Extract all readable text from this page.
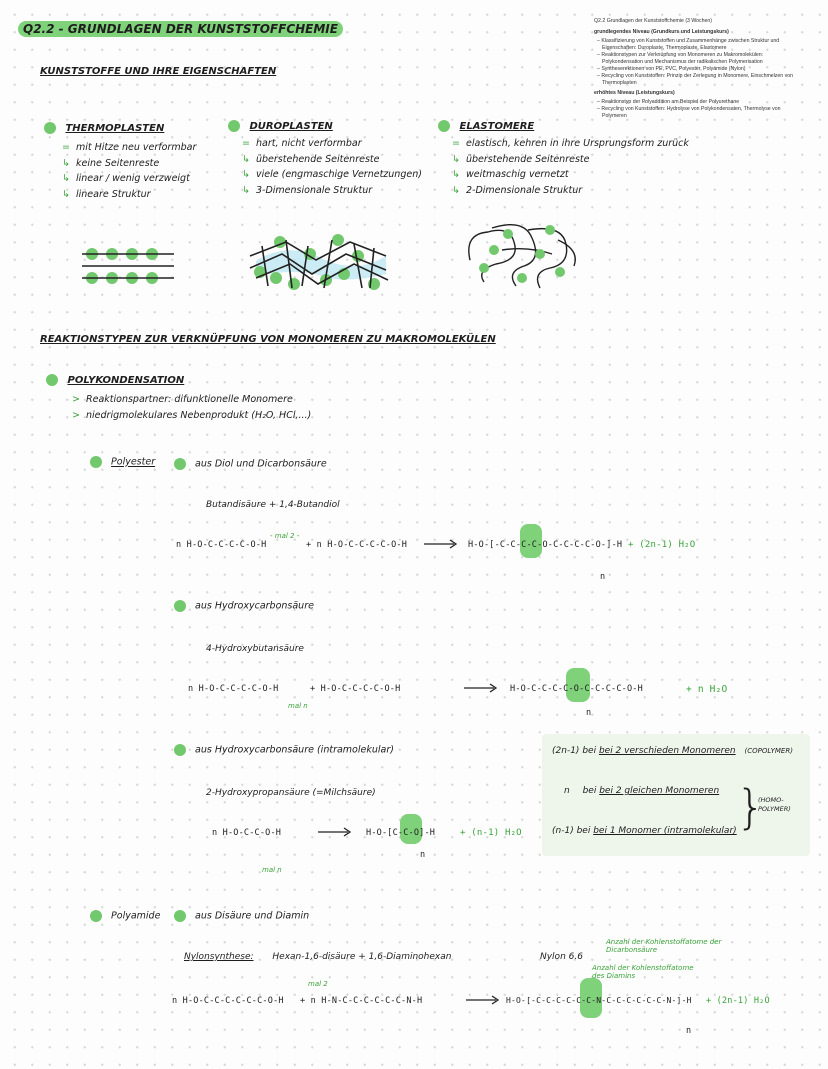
Q2.2 - GRUNDLAGEN DER KUNSTSTOFFCHEMIE
Q2.2 Grundlagen der Kunststoffchemie (3 Wochen)
grundlegendes Niveau (Grundkurs und Leistungskurs)
– Klassifizierung von Kunststoffen und Zusammenhänge zwischen Struktur und Eigenschaften: Duroplaste, Thermoplaste, Elastomere
– Reaktionstypen zur Verknüpfung von Monomeren zu Makromolekülen: Polykondensation und Mechanismus der radikalischen Polymerisation
– Syntheserektionen von PE, PVC, Polyester, Polyamide (Nylon)
– Recycling von Kunststoffen: Prinzip der Zerlegung in Monomere, Einschmelzen von Thermoplasten
erhöhtes Niveau (Leistungskurs)
– Reaktionstyp der Polyaddition am Beispiel der Polyurethane
– Recycling von Kunststoffen: Hydrolyse von Polykondensaten, Thermolyse von Polymeren
KUNSTSTOFFE UND IHRE EIGENSCHAFTEN
THERMOPLASTEN
= mit Hitze neu verformbar
↳ keine Seitenreste
↳ linear / wenig verzweigt
↳ lineare Struktur
DUROPLASTEN
= hart, nicht verformbar
↳ überstehende Seitenreste
↳ viele (engmaschige Vernetzungen)
↳ 3-Dimensionale Struktur
ELASTOMERE
= elastisch, kehren in ihre Ursprungsform zurück
↳ überstehende Seitenreste
↳ weitmaschig vernetzt
↳ 2-Dimensionale Struktur
REAKTIONSTYPEN ZUR VERKNÜPFUNG VON MONOMEREN ZU MAKROMOLEKÜLEN
POLYKONDENSATION
> Reaktionspartner: difunktionelle Monomere
> niedrigmolekulares Nebenprodukt (H₂O, HCl,...)
Polyester	aus Diol und Dicarbonsäure
Butandisäure + 1,4-Butandiol
n H-O-C-C-C-C-O-H	+ n H-O-C-C-C-C-O-H
- mal 2 -
→ H-O-[-C-C-C-C-O-C-C-C-C-O-]-H
n
+ (2n-1) H₂O
aus Hydroxycarbonsäure
4-Hydroxybutansäure
n H-O-C-C-C-C-O-H	+ H-O-C-C-C-C-O-H
mal n
→ H-O-C-C-C-C-O-C-C-C-C-O-H
n
+ n H₂O
aus Hydroxycarbonsäure (intramolekular)
2-Hydroxypropansäure (=Milchsäure)
n H-O-C-C-O-H
mal n
→ H-O-[C-C-O]-H
n
+ (n-1) H₂O
(2n-1) bei bei 2 verschieden Monomeren (COPOLYMER)
n bei bei 2 gleichen Monomeren
(n-1) bei bei 1 Monomer (intramolekular) }
(HOMO-POLYMER)
Polyamide	aus Disäure und Diamin
Nylonsynthese: Hexan-1,6-disäure + 1,6-Diaminohexan	Nylon 6.6
Anzahl der Kohlenstoffatome der Dicarbonsäure
Anzahl der Kohlenstoffatome des Diamins
n H-O-C-C-C-C-C-C-O-H + n H-N-C-C-C-C-C-C-N-H
mal 2
→ H-O-[-C-C-C-C-C-C-N-C-C-C-C-C-C-N-]-H
n
+ (2n-1) H₂O
